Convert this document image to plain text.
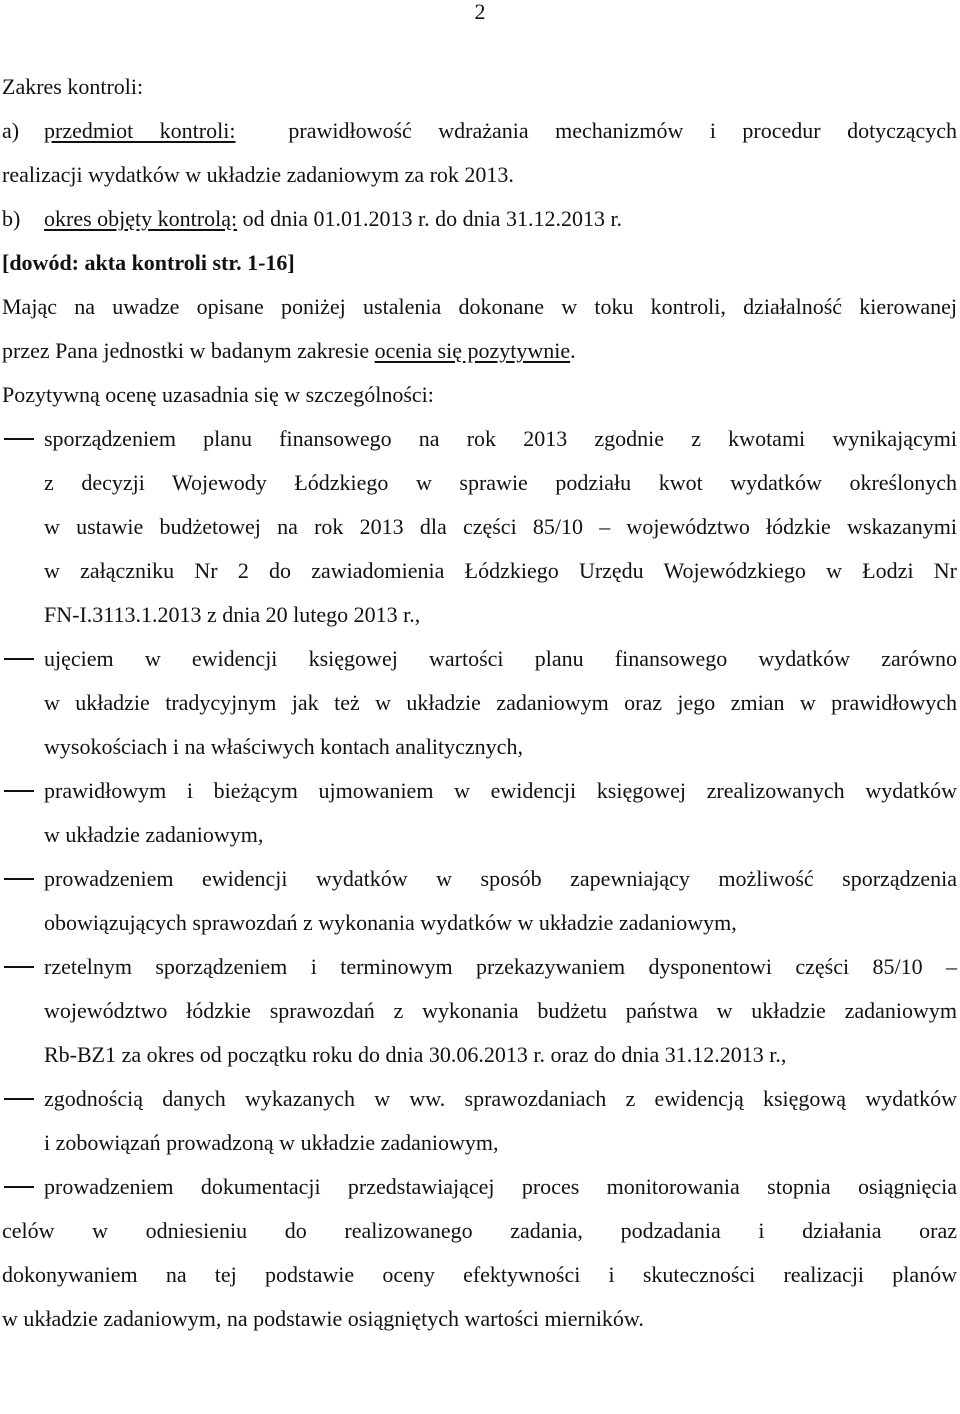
2
Zakres kontroli:
a)	przedmiot kontroli: prawidłowość wdrażania mechanizmów i procedur dotyczących
realizacji wydatków w układzie zadaniowym za rok 2013.
b)	okres objęty kontrolą: od dnia 01.01.2013 r. do dnia 31.12.2013 r.
[dowód: akta kontroli str. 1-16]
Mając na uwadze opisane poniżej ustalenia dokonane w toku kontroli, działalność kierowanej
przez Pana jednostki w badanym zakresie ocenia się pozytywnie.
Pozytywną ocenę uzasadnia się w szczególności:
sporządzeniem planu finansowego na rok 2013 zgodnie z kwotami wynikającymi
z decyzji Wojewody Łódzkiego w sprawie podziału kwot wydatków określonych
w ustawie budżetowej na rok 2013 dla części 85/10 – województwo łódzkie wskazanymi
w załączniku Nr 2 do zawiadomienia Łódzkiego Urzędu Wojewódzkiego w Łodzi Nr
FN-I.3113.1.2013 z dnia 20 lutego 2013 r.,
ujęciem w ewidencji księgowej wartości planu finansowego wydatków zarówno
w układzie tradycyjnym jak też w układzie zadaniowym oraz jego zmian w prawidłowych
wysokościach i na właściwych kontach analitycznych,
prawidłowym i bieżącym ujmowaniem w ewidencji księgowej zrealizowanych wydatków
w układzie zadaniowym,
prowadzeniem ewidencji wydatków w sposób zapewniający możliwość sporządzenia
obowiązujących sprawozdań z wykonania wydatków w układzie zadaniowym,
rzetelnym sporządzeniem i terminowym przekazywaniem dysponentowi części 85/10 –
województwo łódzkie sprawozdań z wykonania budżetu państwa w układzie zadaniowym
Rb-BZ1 za okres od początku roku do dnia 30.06.2013 r. oraz do dnia 31.12.2013 r.,
zgodnością danych wykazanych w ww. sprawozdaniach z ewidencją księgową wydatków
i zobowiązań prowadzoną w układzie zadaniowym,
prowadzeniem dokumentacji przedstawiającej proces monitorowania stopnia osiągnięcia
celów w odniesieniu do realizowanego zadania, podzadania i działania oraz
dokonywaniem na tej podstawie oceny efektywności i skuteczności realizacji planów
w układzie zadaniowym, na podstawie osiągniętych wartości mierników.
